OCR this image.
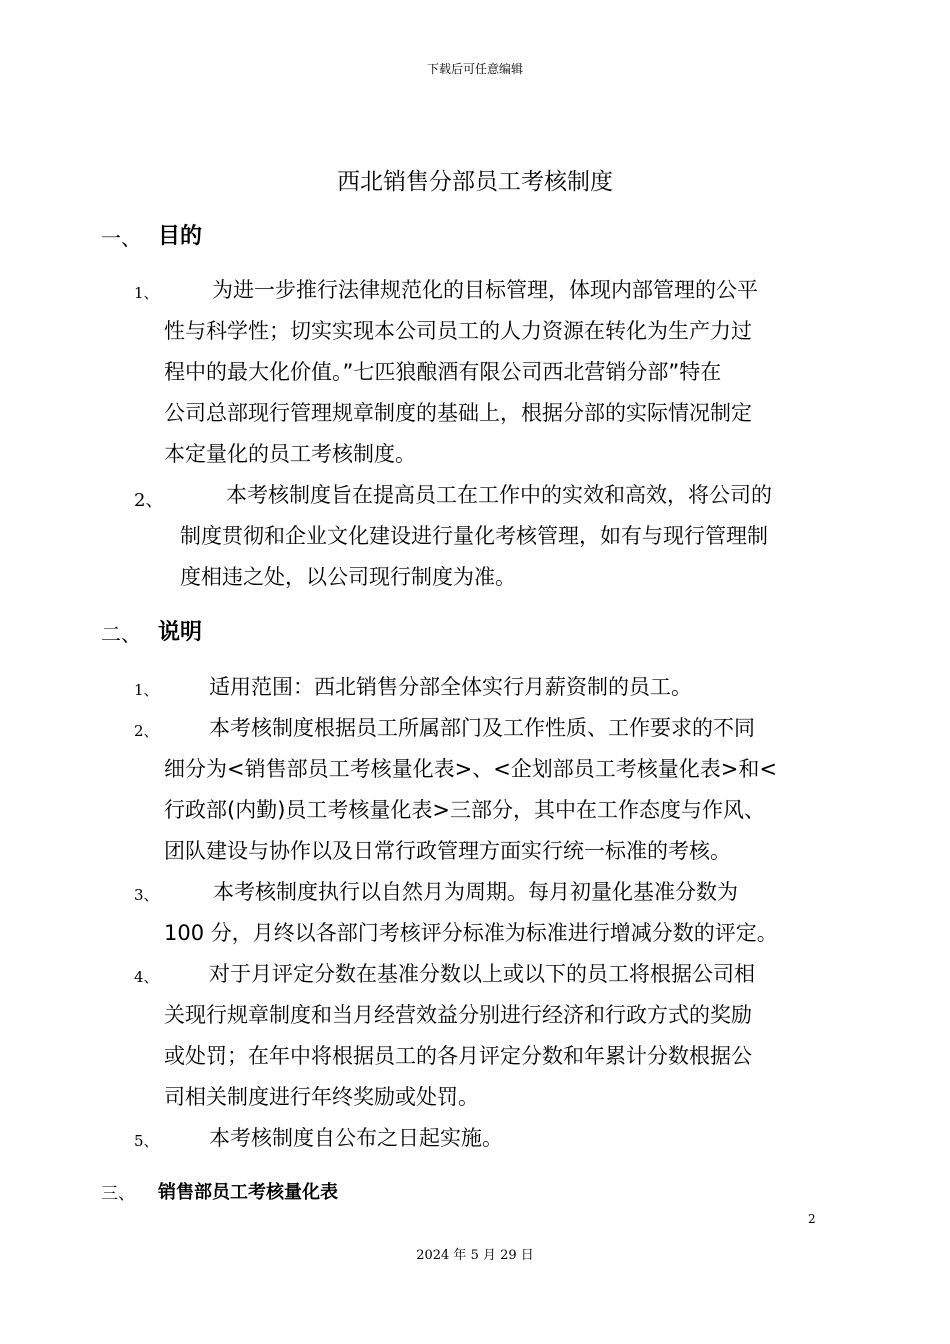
下载后可任意编辑
西北销售分部员工考核制度
一、 目的
1、	为进一步推行法律规范化的目标管理，体现内部管理的公平
性与科学性；切实实现本公司员工的人力资源在转化为生产力过
程中的最大化价值。”七匹狼酿酒有限公司西北营销分部”特在
公司总部现行管理规章制度的基础上，根据分部的实际情况制定
本定量化的员工考核制度。
2、	本考核制度旨在提高员工在工作中的实效和高效，将公司的
制度贯彻和企业文化建设进行量化考核管理，如有与现行管理制
度相违之处，以公司现行制度为准。
二、 说明
1、 适用范围：西北销售分部全体实行月薪资制的员工。
2、 本考核制度根据员工所属部门及工作性质、工作要求的不同
细分为<销售部员工考核量化表>、<企划部员工考核量化表>和<
行政部(内勤)员工考核量化表>三部分，其中在工作态度与作风、
团队建设与协作以及日常行政管理方面实行统一标准的考核。
3、	本考核制度执行以自然月为周期。每月初量化基准分数为
100 分，月终以各部门考核评分标准为标准进行增减分数的评定。
4、 对于月评定分数在基准分数以上或以下的员工将根据公司相
关现行规章制度和当月经营效益分别进行经济和行政方式的奖励
或处罚；在年中将根据员工的各月评定分数和年累计分数根据公
司相关制度进行年终奖励或处罚。
5、 本考核制度自公布之日起实施。
三、 销售部员工考核量化表
2
2024 年 5 月 29 日
